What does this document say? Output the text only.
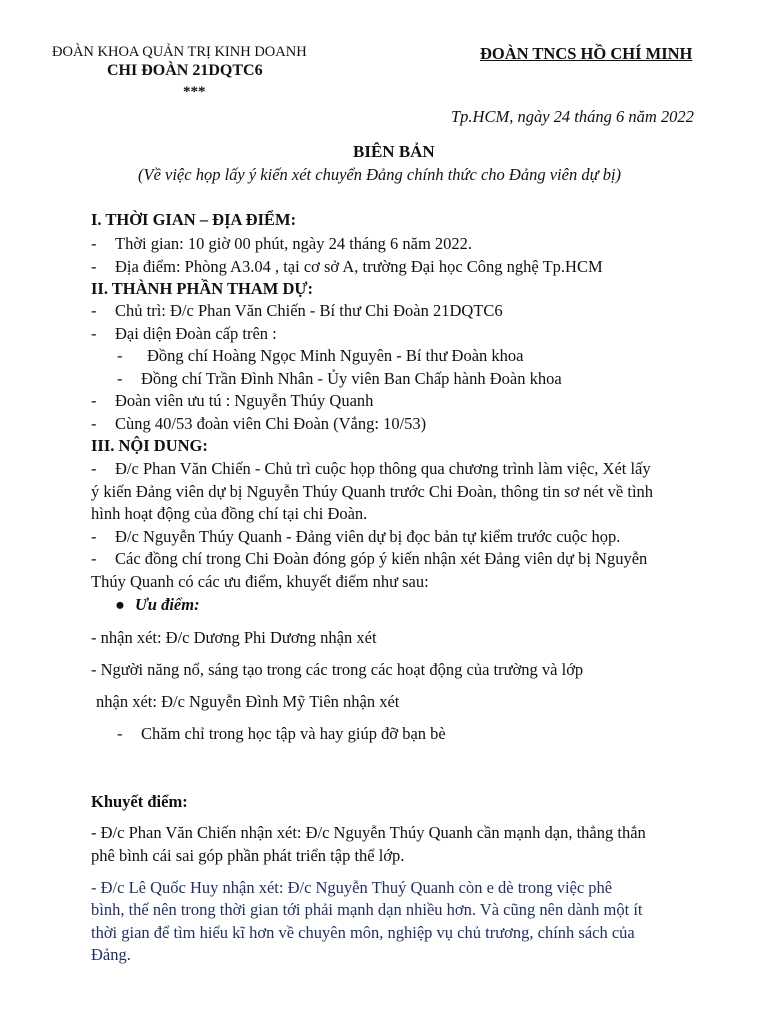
ĐOÀN KHOA QUẢN TRỊ KINH DOANH
CHI ĐOÀN 21DQTC6
***
ĐOÀN TNCS HỒ CHÍ MINH
Tp.HCM, ngày 24 tháng 6 năm 2022
BIÊN BẢN
(Về việc họp lấy ý kiến xét chuyển Đảng chính thức cho Đảng viên dự bị)
I. THỜI GIAN – ĐỊA ĐIỂM:
- Thời gian: 10 giờ 00 phút, ngày 24 tháng 6 năm 2022.
- Địa điểm: Phòng A3.04 , tại cơ sở A, trường Đại học Công nghệ Tp.HCM
II. THÀNH PHẦN THAM DỰ:
- Chủ trì: Đ/c Phan Văn Chiến - Bí thư Chi Đoàn 21DQTC6
- Đại diện Đoàn cấp trên :
- Đồng chí Hoàng Ngọc Minh Nguyên - Bí thư Đoàn khoa
- Đồng chí Trần Đình Nhân - Ủy viên Ban Chấp hành Đoàn khoa
- Đoàn viên ưu tú : Nguyễn Thúy Quanh
- Cùng 40/53 đoàn viên Chi Đoàn (Vắng: 10/53)
III. NỘI DUNG:
- Đ/c Phan Văn Chiến - Chủ trì cuộc họp thông qua chương trình làm việc, Xét lấy
ý kiến Đảng viên dự bị Nguyễn Thúy Quanh trước Chi Đoàn, thông tin sơ nét về tình
hình hoạt động của đồng chí tại chi Đoàn.
- Đ/c Nguyễn Thúy Quanh - Đảng viên dự bị đọc bản tự kiểm trước cuộc họp.
- Các đồng chí trong Chi Đoàn đóng góp ý kiến nhận xét Đảng viên dự bị Nguyễn
Thúy Quanh có các ưu điểm, khuyết điểm như sau:
● Ưu điểm:
- nhận xét: Đ/c Dương Phi Dương nhận xét
- Người năng nổ, sáng tạo trong các trong các hoạt động của trường và lớp
nhận xét: Đ/c Nguyễn Đình Mỹ Tiên nhận xét
- Chăm chỉ trong học tập và hay giúp đỡ bạn bè
Khuyết điểm:
- Đ/c Phan Văn Chiến nhận xét: Đ/c Nguyễn Thúy Quanh cần mạnh dạn, thẳng thắn
phê bình cái sai góp phần phát triển tập thể lớp.
- Đ/c Lê Quốc Huy nhận xét: Đ/c Nguyễn Thuý Quanh còn e dè trong việc phê
bình, thế nên trong thời gian tới phải mạnh dạn nhiều hơn. Và cũng nên dành một ít
thời gian để tìm hiểu kĩ hơn về chuyên môn, nghiệp vụ chủ trương, chính sách của
Đảng.
